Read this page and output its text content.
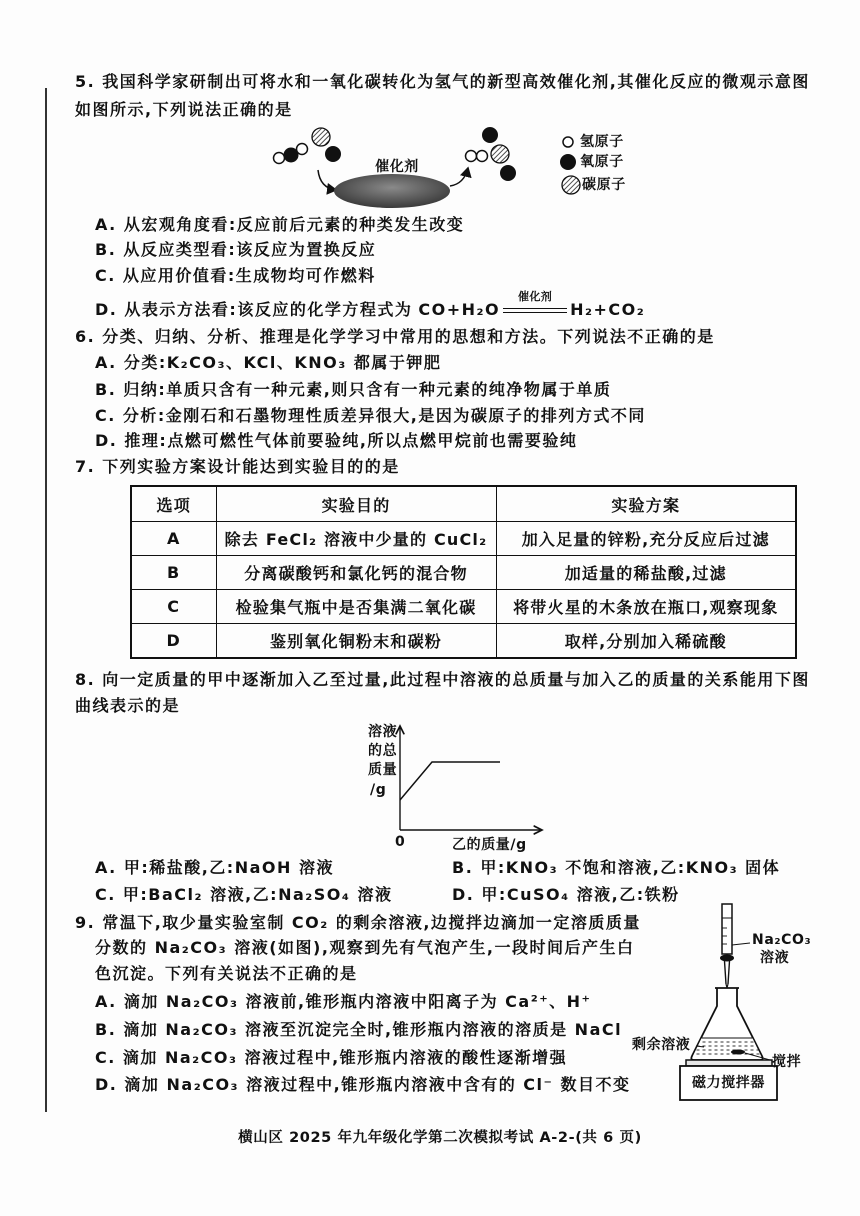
5. 我国科学家研制出可将水和一氧化碳转化为氢气的新型高效催化剂,其催化反应的微观示意图
如图所示,下列说法正确的是
催化剂
氢原子
氧原子
碳原子
A. 从宏观角度看:反应前后元素的种类发生改变
B. 从反应类型看:该反应为置换反应
C. 从应用价值看:生成物均可作燃料
D. 从表示方法看:该反应的化学方程式为 CO+H₂O
催化剂
H₂+CO₂
6. 分类、归纳、分析、推理是化学学习中常用的思想和方法。下列说法不正确的是
A. 分类:K₂CO₃、KCl、KNO₃ 都属于钾肥
B. 归纳:单质只含有一种元素,则只含有一种元素的纯净物属于单质
C. 分析:金刚石和石墨物理性质差异很大,是因为碳原子的排列方式不同
D. 推理:点燃可燃性气体前要验纯,所以点燃甲烷前也需要验纯
7. 下列实验方案设计能达到实验目的的是
选项	实验目的	实验方案
A	除去 FeCl₂ 溶液中少量的 CuCl₂	加入足量的锌粉,充分反应后过滤
B	分离碳酸钙和氯化钙的混合物	加适量的稀盐酸,过滤
C	检验集气瓶中是否集满二氧化碳	将带火星的木条放在瓶口,观察现象
D	鉴别氧化铜粉末和碳粉	取样,分别加入稀硫酸
8. 向一定质量的甲中逐渐加入乙至过量,此过程中溶液的总质量与加入乙的质量的关系能用下图
曲线表示的是
溶液
的总
质量
/g
0	乙的质量/g
A. 甲:稀盐酸,乙:NaOH 溶液	B. 甲:KNO₃ 不饱和溶液,乙:KNO₃ 固体
C. 甲:BaCl₂ 溶液,乙:Na₂SO₄ 溶液	D. 甲:CuSO₄ 溶液,乙:铁粉
9. 常温下,取少量实验室制 CO₂ 的剩余溶液,边搅拌边滴加一定溶质质量
分数的 Na₂CO₃ 溶液(如图),观察到先有气泡产生,一段时间后产生白
色沉淀。下列有关说法不正确的是
A. 滴加 Na₂CO₃ 溶液前,锥形瓶内溶液中阳离子为 Ca²⁺、H⁺
B. 滴加 Na₂CO₃ 溶液至沉淀完全时,锥形瓶内溶液的溶质是 NaCl
C. 滴加 Na₂CO₃ 溶液过程中,锥形瓶内溶液的酸性逐渐增强
D. 滴加 Na₂CO₃ 溶液过程中,锥形瓶内溶液中含有的 Cl⁻ 数目不变
Na₂CO₃
溶液
剩余溶液
搅拌
磁力搅拌器
横山区 2025 年九年级化学第二次模拟考试 A-2-(共 6 页)
